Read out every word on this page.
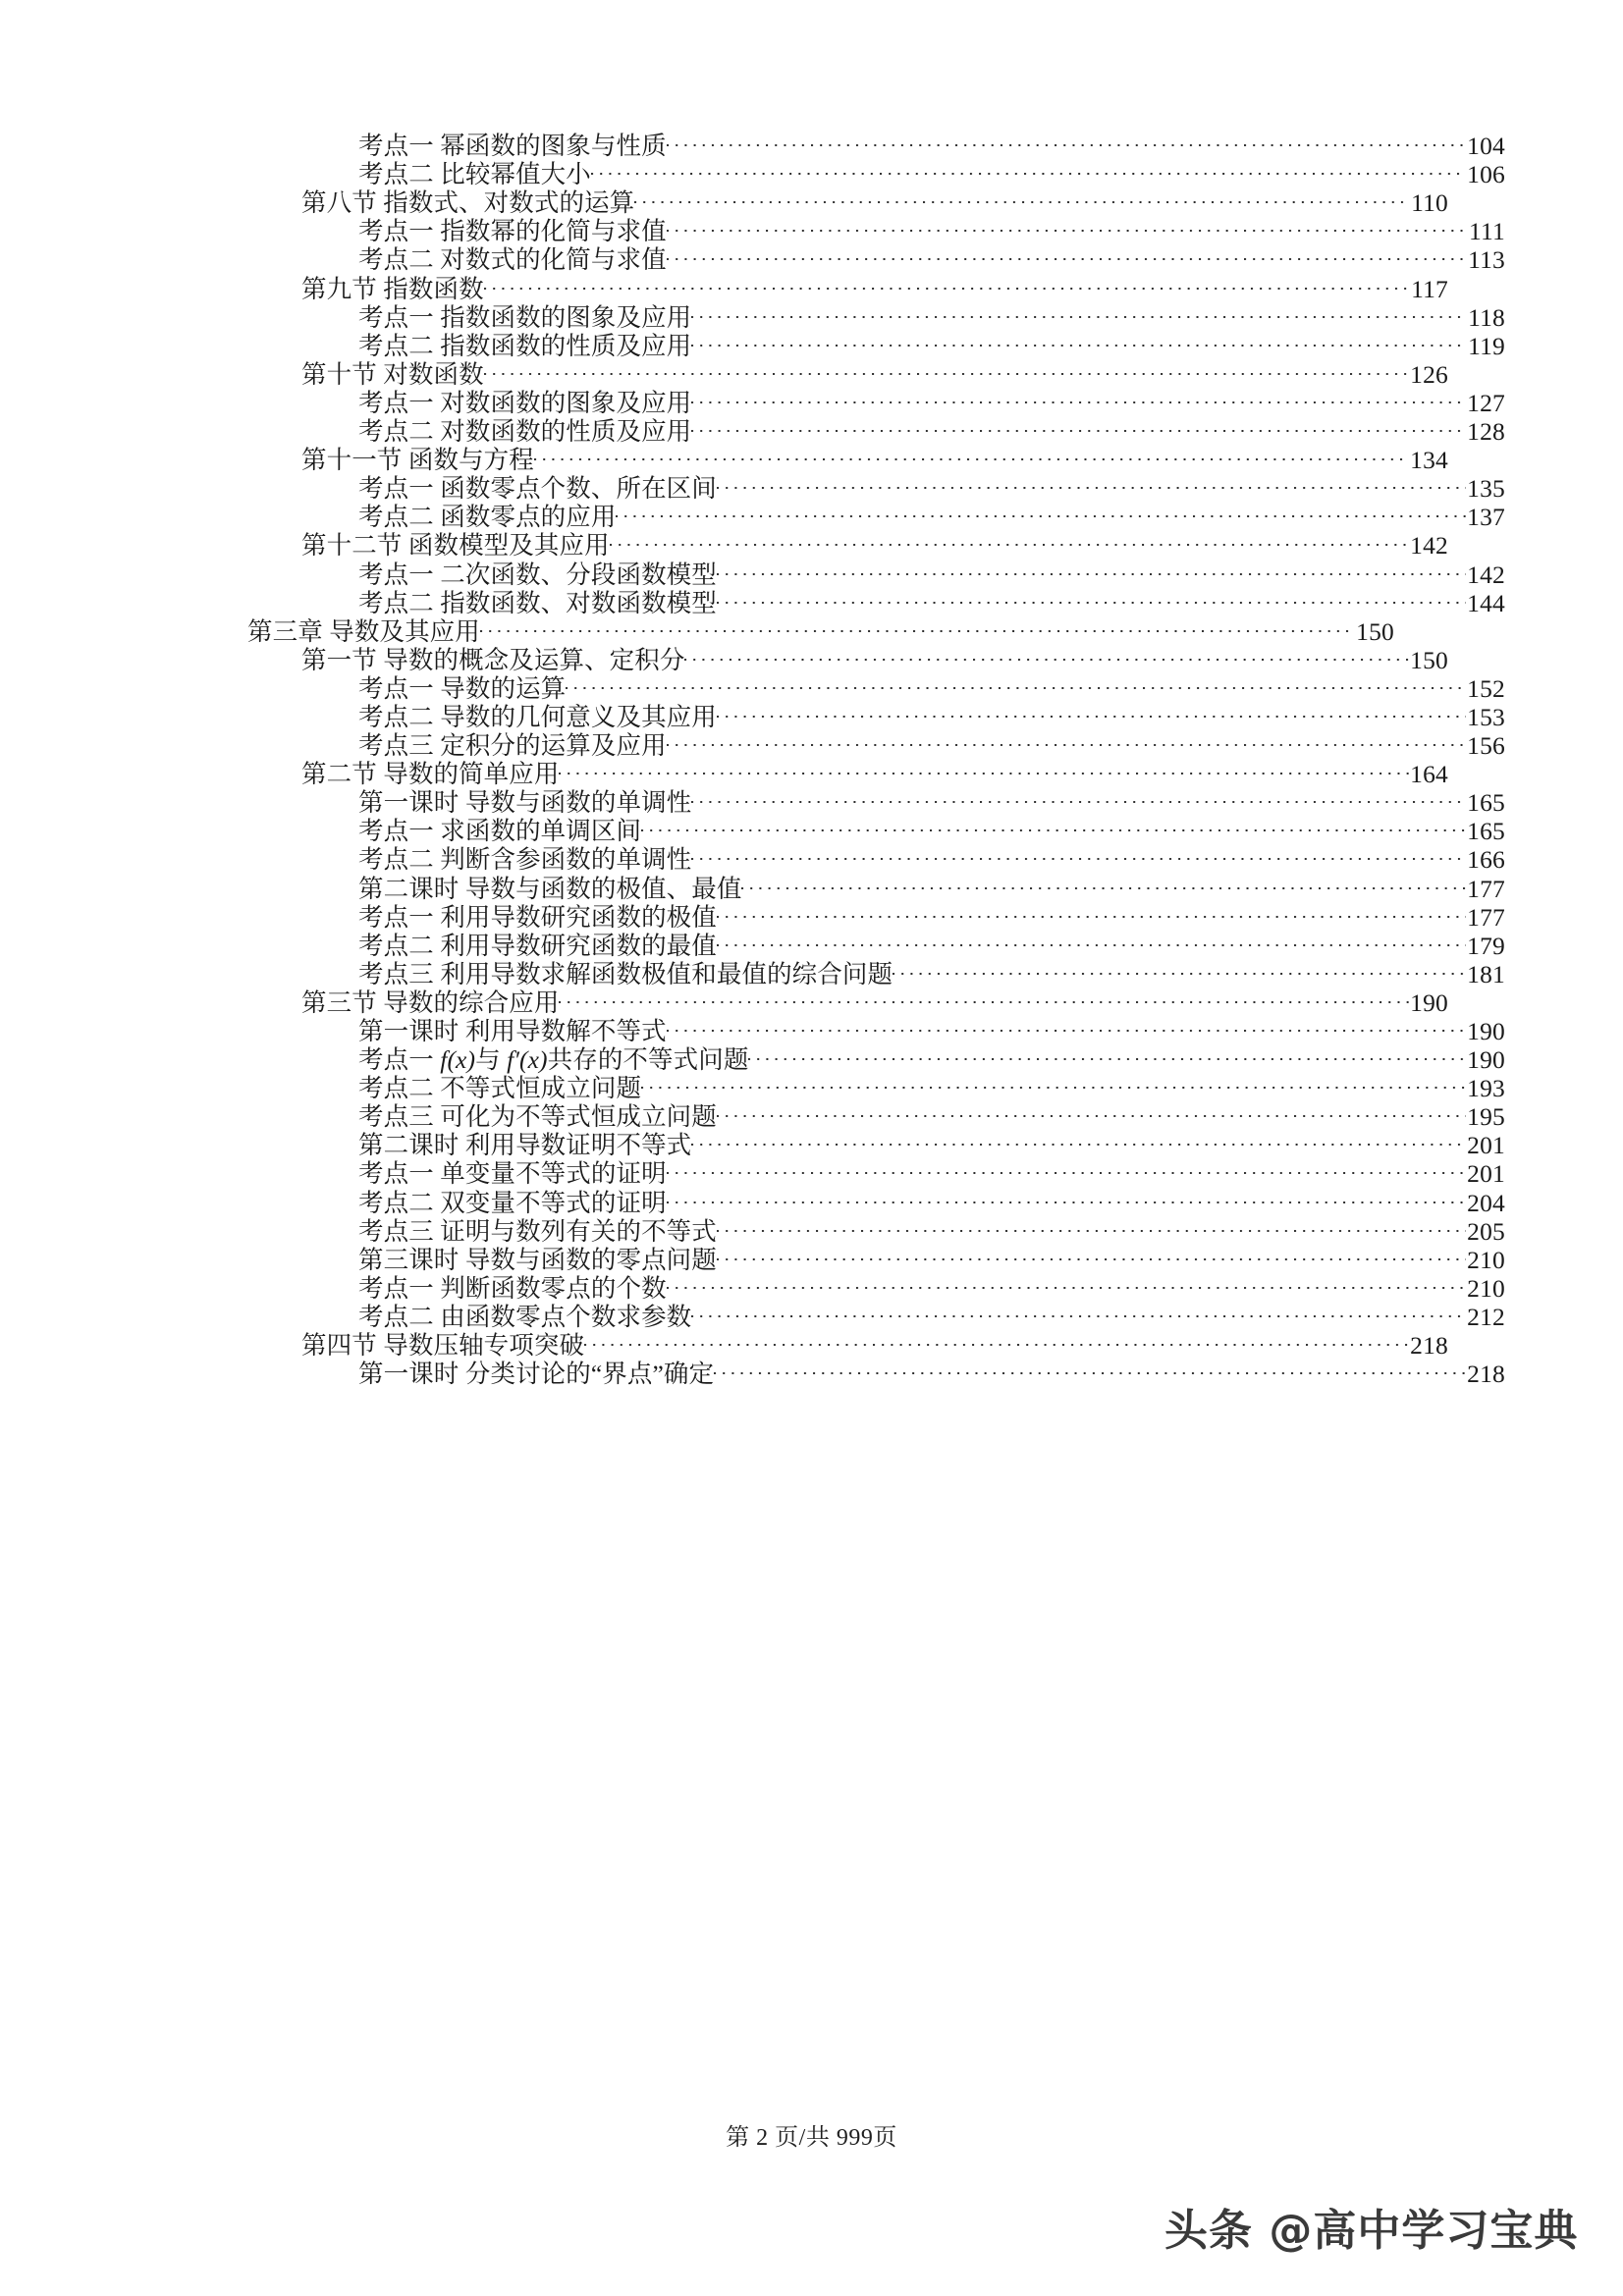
考点一 幂函数的图象与性质	104
考点二 比较幂值大小	106
第八节 指数式、对数式的运算	110
考点一 指数幂的化简与求值	111
考点二 对数式的化简与求值	113
第九节 指数函数	117
考点一 指数函数的图象及应用	118
考点二 指数函数的性质及应用	119
第十节 对数函数	126
考点一 对数函数的图象及应用	127
考点二 对数函数的性质及应用	128
第十一节 函数与方程	134
考点一 函数零点个数、所在区间	135
考点二 函数零点的应用	137
第十二节 函数模型及其应用	142
考点一 二次函数、分段函数模型	142
考点二 指数函数、对数函数模型	144
第三章 导数及其应用	150
第一节 导数的概念及运算、定积分	150
考点一 导数的运算	152
考点二 导数的几何意义及其应用	153
考点三 定积分的运算及应用	156
第二节 导数的简单应用	164
第一课时 导数与函数的单调性	165
考点一 求函数的单调区间	165
考点二 判断含参函数的单调性	166
第二课时 导数与函数的极值、最值	177
考点一 利用导数研究函数的极值	177
考点二 利用导数研究函数的最值	179
考点三 利用导数求解函数极值和最值的综合问题	181
第三节 导数的综合应用	190
第一课时 利用导数解不等式	190
考点一 f(x)与 f′(x)共存的不等式问题	190
考点二 不等式恒成立问题	193
考点三 可化为不等式恒成立问题	195
第二课时 利用导数证明不等式	201
考点一 单变量不等式的证明	201
考点二 双变量不等式的证明	204
考点三 证明与数列有关的不等式	205
第三课时 导数与函数的零点问题	210
考点一 判断函数零点的个数	210
考点二 由函数零点个数求参数	212
第四节 导数压轴专项突破	218
第一课时 分类讨论的“界点”确定	218
第 2 页/共 999页
头条 @高中学习宝典
